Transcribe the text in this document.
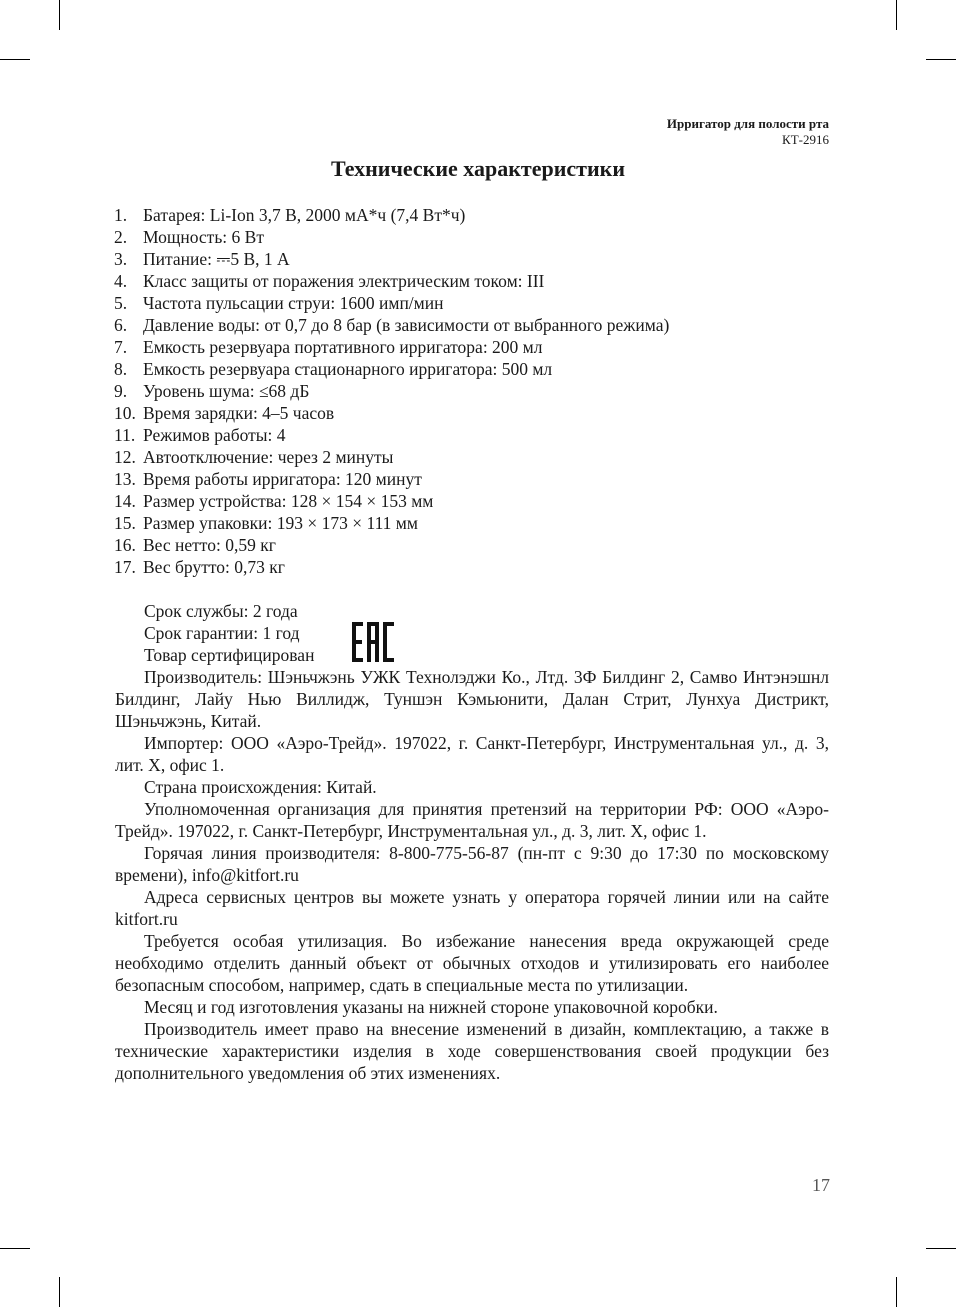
Ирригатор для полости рта
КТ-2916
Технические характеристики
1. Батарея: Li-Ion 3,7 В, 2000 мА*ч (7,4 Вт*ч)
2. Мощность: 6 Вт
3. Питание: ⎓5 В, 1 А
4. Класс защиты от поражения электрическим током: III
5. Частота пульсации струи: 1600 имп/мин
6. Давление воды: от 0,7 до 8 бар (в зависимости от выбранного режима)
7. Емкость резервуара портативного ирригатора: 200 мл
8. Емкость резервуара стационарного ирригатора: 500 мл
9. Уровень шума: ≤68 дБ
10. Время зарядки: 4–5 часов
11. Режимов работы: 4
12. Автоотключение: через 2 минуты
13. Время работы ирригатора: 120 минут
14. Размер устройства: 128 × 154 × 153 мм
15. Размер упаковки: 193 × 173 × 111 мм
16. Вес нетто: 0,59 кг
17. Вес брутто: 0,73 кг
Срок службы: 2 года
Срок гарантии: 1 год
Товар сертифицирован

Производитель: Шэньчжэнь УЖК Технолэджи Ко., Лтд. 3Ф Билдинг 2, Самво Интэнэшнл Билдинг, Лайу Нью Виллидж, Туншэн Кэмьюнити, Далан Стрит, Лунхуа Дистрикт, Шэньчжэнь, Китай.

Импортер: ООО «Аэро-Трейд». 197022, г. Санкт-Петербург, Инструментальная ул., д. 3, лит. Х, офис 1.

Страна происхождения: Китай.

Уполномоченная организация для принятия претензий на территории РФ: ООО «Аэро-Трейд». 197022, г. Санкт-Петербург, Инструментальная ул., д. 3, лит. Х, офис 1.

Горячая линия производителя: 8-800-775-56-87 (пн-пт с 9:30 до 17:30 по московскому времени), info@kitfort.ru

Адреса сервисных центров вы можете узнать у оператора горячей линии или на сайте kitfort.ru

Требуется особая утилизация. Во избежание нанесения вреда окружающей среде необходимо отделить данный объект от обычных отходов и утилизировать его наиболее безопасным способом, например, сдать в специальные места по утилизации.

Месяц и год изготовления указаны на нижней стороне упаковочной коробки.

Производитель имеет право на внесение изменений в дизайн, комплектацию, а также в технические характеристики изделия в ходе совершенствования своей продукции без дополнительного уведомления об этих изменениях.

17
